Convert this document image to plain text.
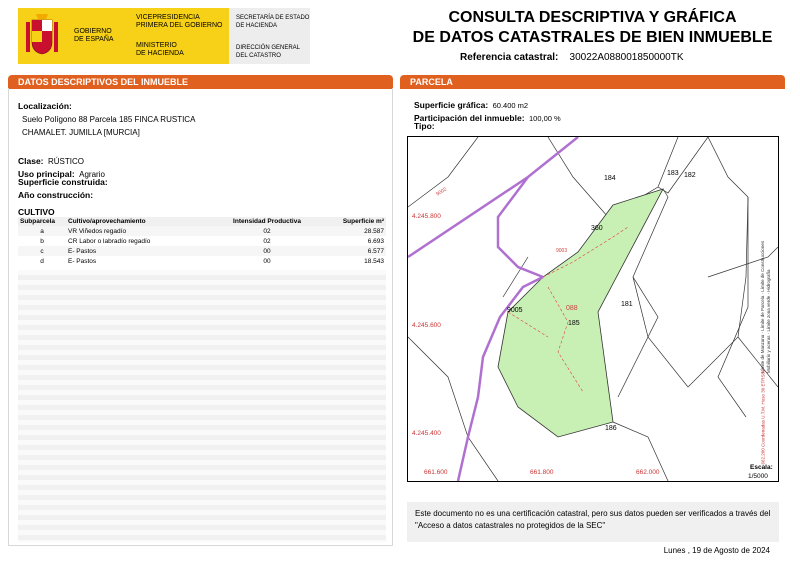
GOBIERNO
DE ESPAÑA
VICEPRESIDENCIA
PRIMERA DEL GOBIERNO
MINISTERIO
DE HACIENDA
SECRETARÍA DE ESTADO
DE HACIENDA
DIRECCIÓN GENERAL
DEL CATASTRO
CONSULTA DESCRIPTIVA Y GRÁFICA
DE DATOS CATASTRALES DE BIEN INMUEBLE
Referencia catastral: 30022A088001850000TK
DATOS DESCRIPTIVOS DEL INMUEBLE
Localización:
Suelo Polígono 88 Parcela 185 FINCA RUSTICA
CHAMALET. JUMILLA [MURCIA]
Clase: RÚSTICO
Uso principal: Agrario
Superficie construida:
Año construcción:
CULTIVO
Subparcela	Cultivo/aprovechamiento	Intensidad Productiva	Superficie m²
a	VR Viñedos regadío	02	28.587
b	CR Labor o labradío regadío	02	6.693
c	E- Pastos	00	6.577
d	E- Pastos	00	18.543
PARCELA
Superficie gráfica: 60.400 m2
Participación del inmueble: 100,00 %
Tipo:
184
183 182
360
181
185
186
9005	088
9002
9003
4.245.800
4.245.600
4.245.400
661.600	661.800	662.000
Límite de Manzana · Límite de Parcela · Límite de Construcciones
Mobiliario y aceras · Límite zona verde · Hidrografía
662.200 Coordenadas U.T.M. Huso 30 ETRS89
Escala:
1/5000
Este documento no es una certificación catastral, pero sus datos pueden ser verificados a través del "Acceso a datos catastrales no protegidos de la SEC"
Lunes , 19 de Agosto de 2024
